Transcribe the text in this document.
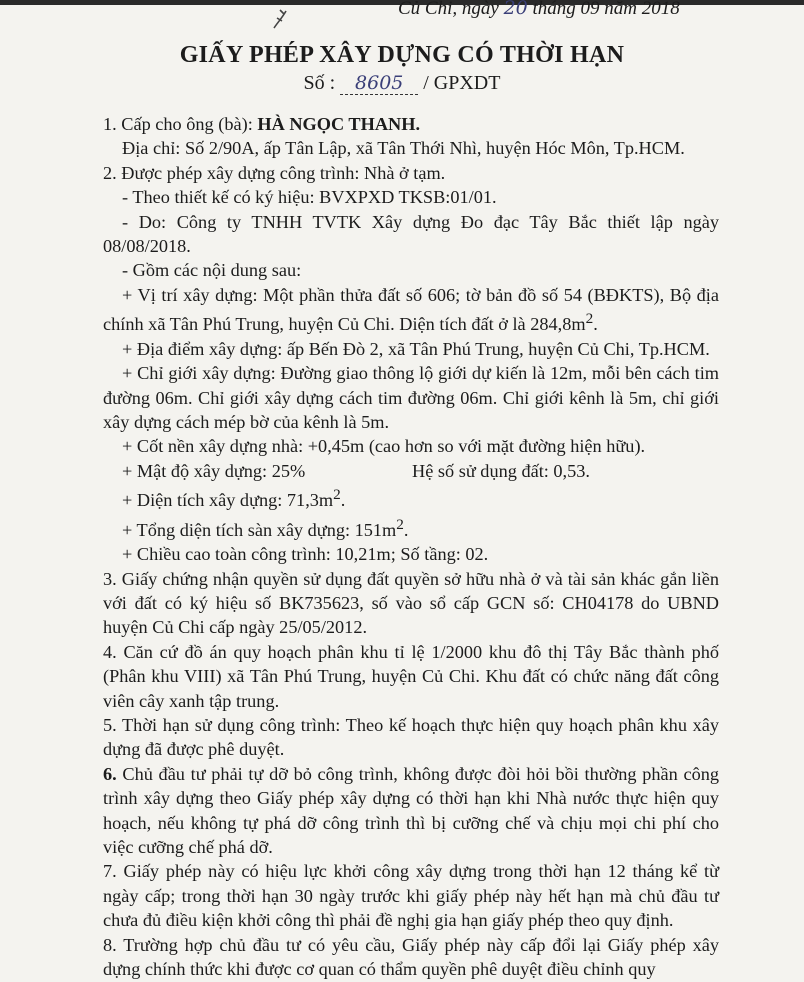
Củ Chi, ngày 20 tháng 09 năm 2018
GIẤY PHÉP XÂY DỰNG CÓ THỜI HẠN
Số : 8605 / GPXDT

1. Cấp cho ông (bà): HÀ NGỌC THANH.

Địa chỉ: Số 2/90A, ấp Tân Lập, xã Tân Thới Nhì, huyện Hóc Môn, Tp.HCM.

2. Được phép xây dựng công trình: Nhà ở tạm.

- Theo thiết kế có ký hiệu: BVXPXD TKSB:01/01.

- Do: Công ty TNHH TVTK Xây dựng Đo đạc Tây Bắc thiết lập ngày 08/08/2018.

- Gồm các nội dung sau:

+ Vị trí xây dựng: Một phần thửa đất số 606; tờ bản đồ số 54 (BĐKTS), Bộ địa chính xã Tân Phú Trung, huyện Củ Chi. Diện tích đất ở là $284,8m^2$.

+ Địa điểm xây dựng: ấp Bến Đò 2, xã Tân Phú Trung, huyện Củ Chi, Tp.HCM.

+ Chỉ giới xây dựng: Đường giao thông lộ giới dự kiến là 12m, mỗi bên cách tim đường 06m. Chỉ giới xây dựng cách tim đường 06m. Chỉ giới kênh là 5m, chỉ giới xây dựng cách mép bờ của kênh là 5m.

+ Cốt nền xây dựng nhà: +0,45m (cao hơn so với mặt đường hiện hữu).

+ Mật độ xây dựng: 25%	Hệ số sử dụng đất: 0,53.

+ Diện tích xây dựng: $71,3m^2$.

+ Tổng diện tích sàn xây dựng: $151m^2$.

+ Chiều cao toàn công trình: 10,21m; Số tầng: 02.

3. Giấy chứng nhận quyền sử dụng đất quyền sở hữu nhà ở và tài sản khác gắn liền với đất có ký hiệu số BK735623, số vào sổ cấp GCN số: CH04178 do UBND huyện Củ Chi cấp ngày 25/05/2012.

4. Căn cứ đồ án quy hoạch phân khu tỉ lệ 1/2000 khu đô thị Tây Bắc thành phố (Phân khu VIII) xã Tân Phú Trung, huyện Củ Chi. Khu đất có chức năng đất công viên cây xanh tập trung.

5. Thời hạn sử dụng công trình: Theo kế hoạch thực hiện quy hoạch phân khu xây dựng đã được phê duyệt.

6. Chủ đầu tư phải tự dỡ bỏ công trình, không được đòi hỏi bồi thường phần công trình xây dựng theo Giấy phép xây dựng có thời hạn khi Nhà nước thực hiện quy hoạch, nếu không tự phá dỡ công trình thì bị cưỡng chế và chịu mọi chi phí cho việc cưỡng chế phá dỡ.

7. Giấy phép này có hiệu lực khởi công xây dựng trong thời hạn 12 tháng kể từ ngày cấp; trong thời hạn 30 ngày trước khi giấy phép này hết hạn mà chủ đầu tư chưa đủ điều kiện khởi công thì phải đề nghị gia hạn giấy phép theo quy định.

8. Trường hợp chủ đầu tư có yêu cầu, Giấy phép này cấp đổi lại Giấy phép xây dựng chính thức khi được cơ quan có thẩm quyền phê duyệt điều chỉnh quy
